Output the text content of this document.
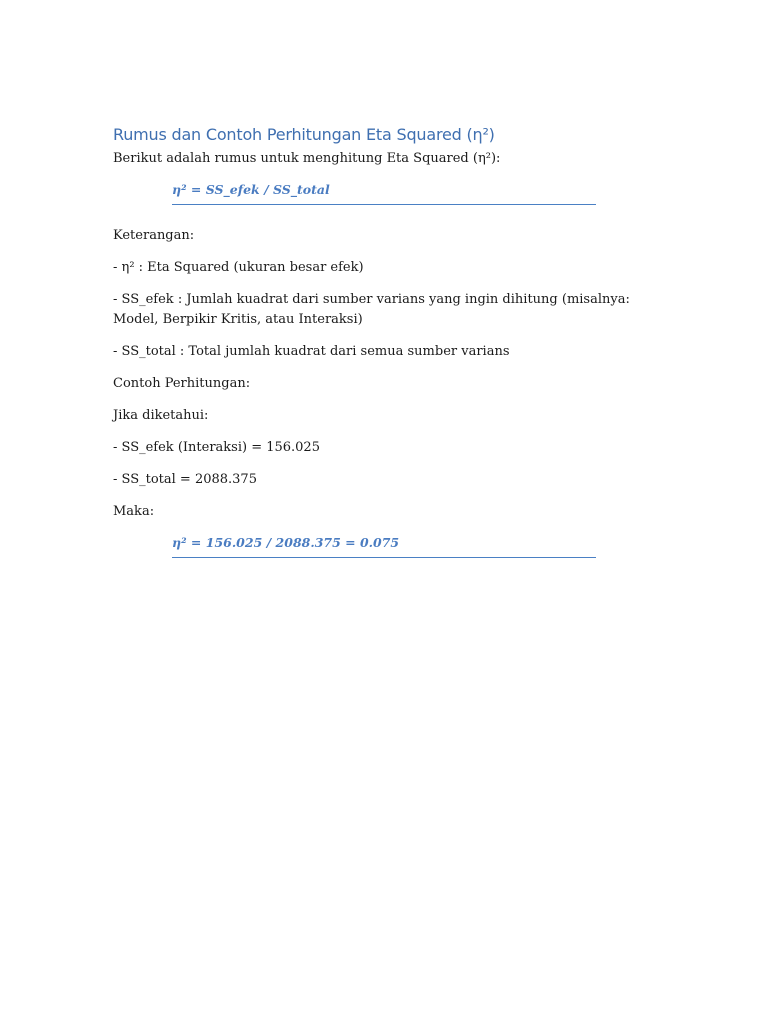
Rumus dan Contoh Perhitungan Eta Squared (η²)

Berikut adalah rumus untuk menghitung Eta Squared (η²):

η² = SS_efek / SS_total

Keterangan:

- η² : Eta Squared (ukuran besar efek)

- SS_efek : Jumlah kuadrat dari sumber varians yang ingin dihitung (misalnya: Model, Berpikir Kritis, atau Interaksi)

- SS_total : Total jumlah kuadrat dari semua sumber varians

Contoh Perhitungan:

Jika diketahui:

- SS_efek (Interaksi) = 156.025

- SS_total = 2088.375

Maka:

η² = 156.025 / 2088.375 = 0.075
